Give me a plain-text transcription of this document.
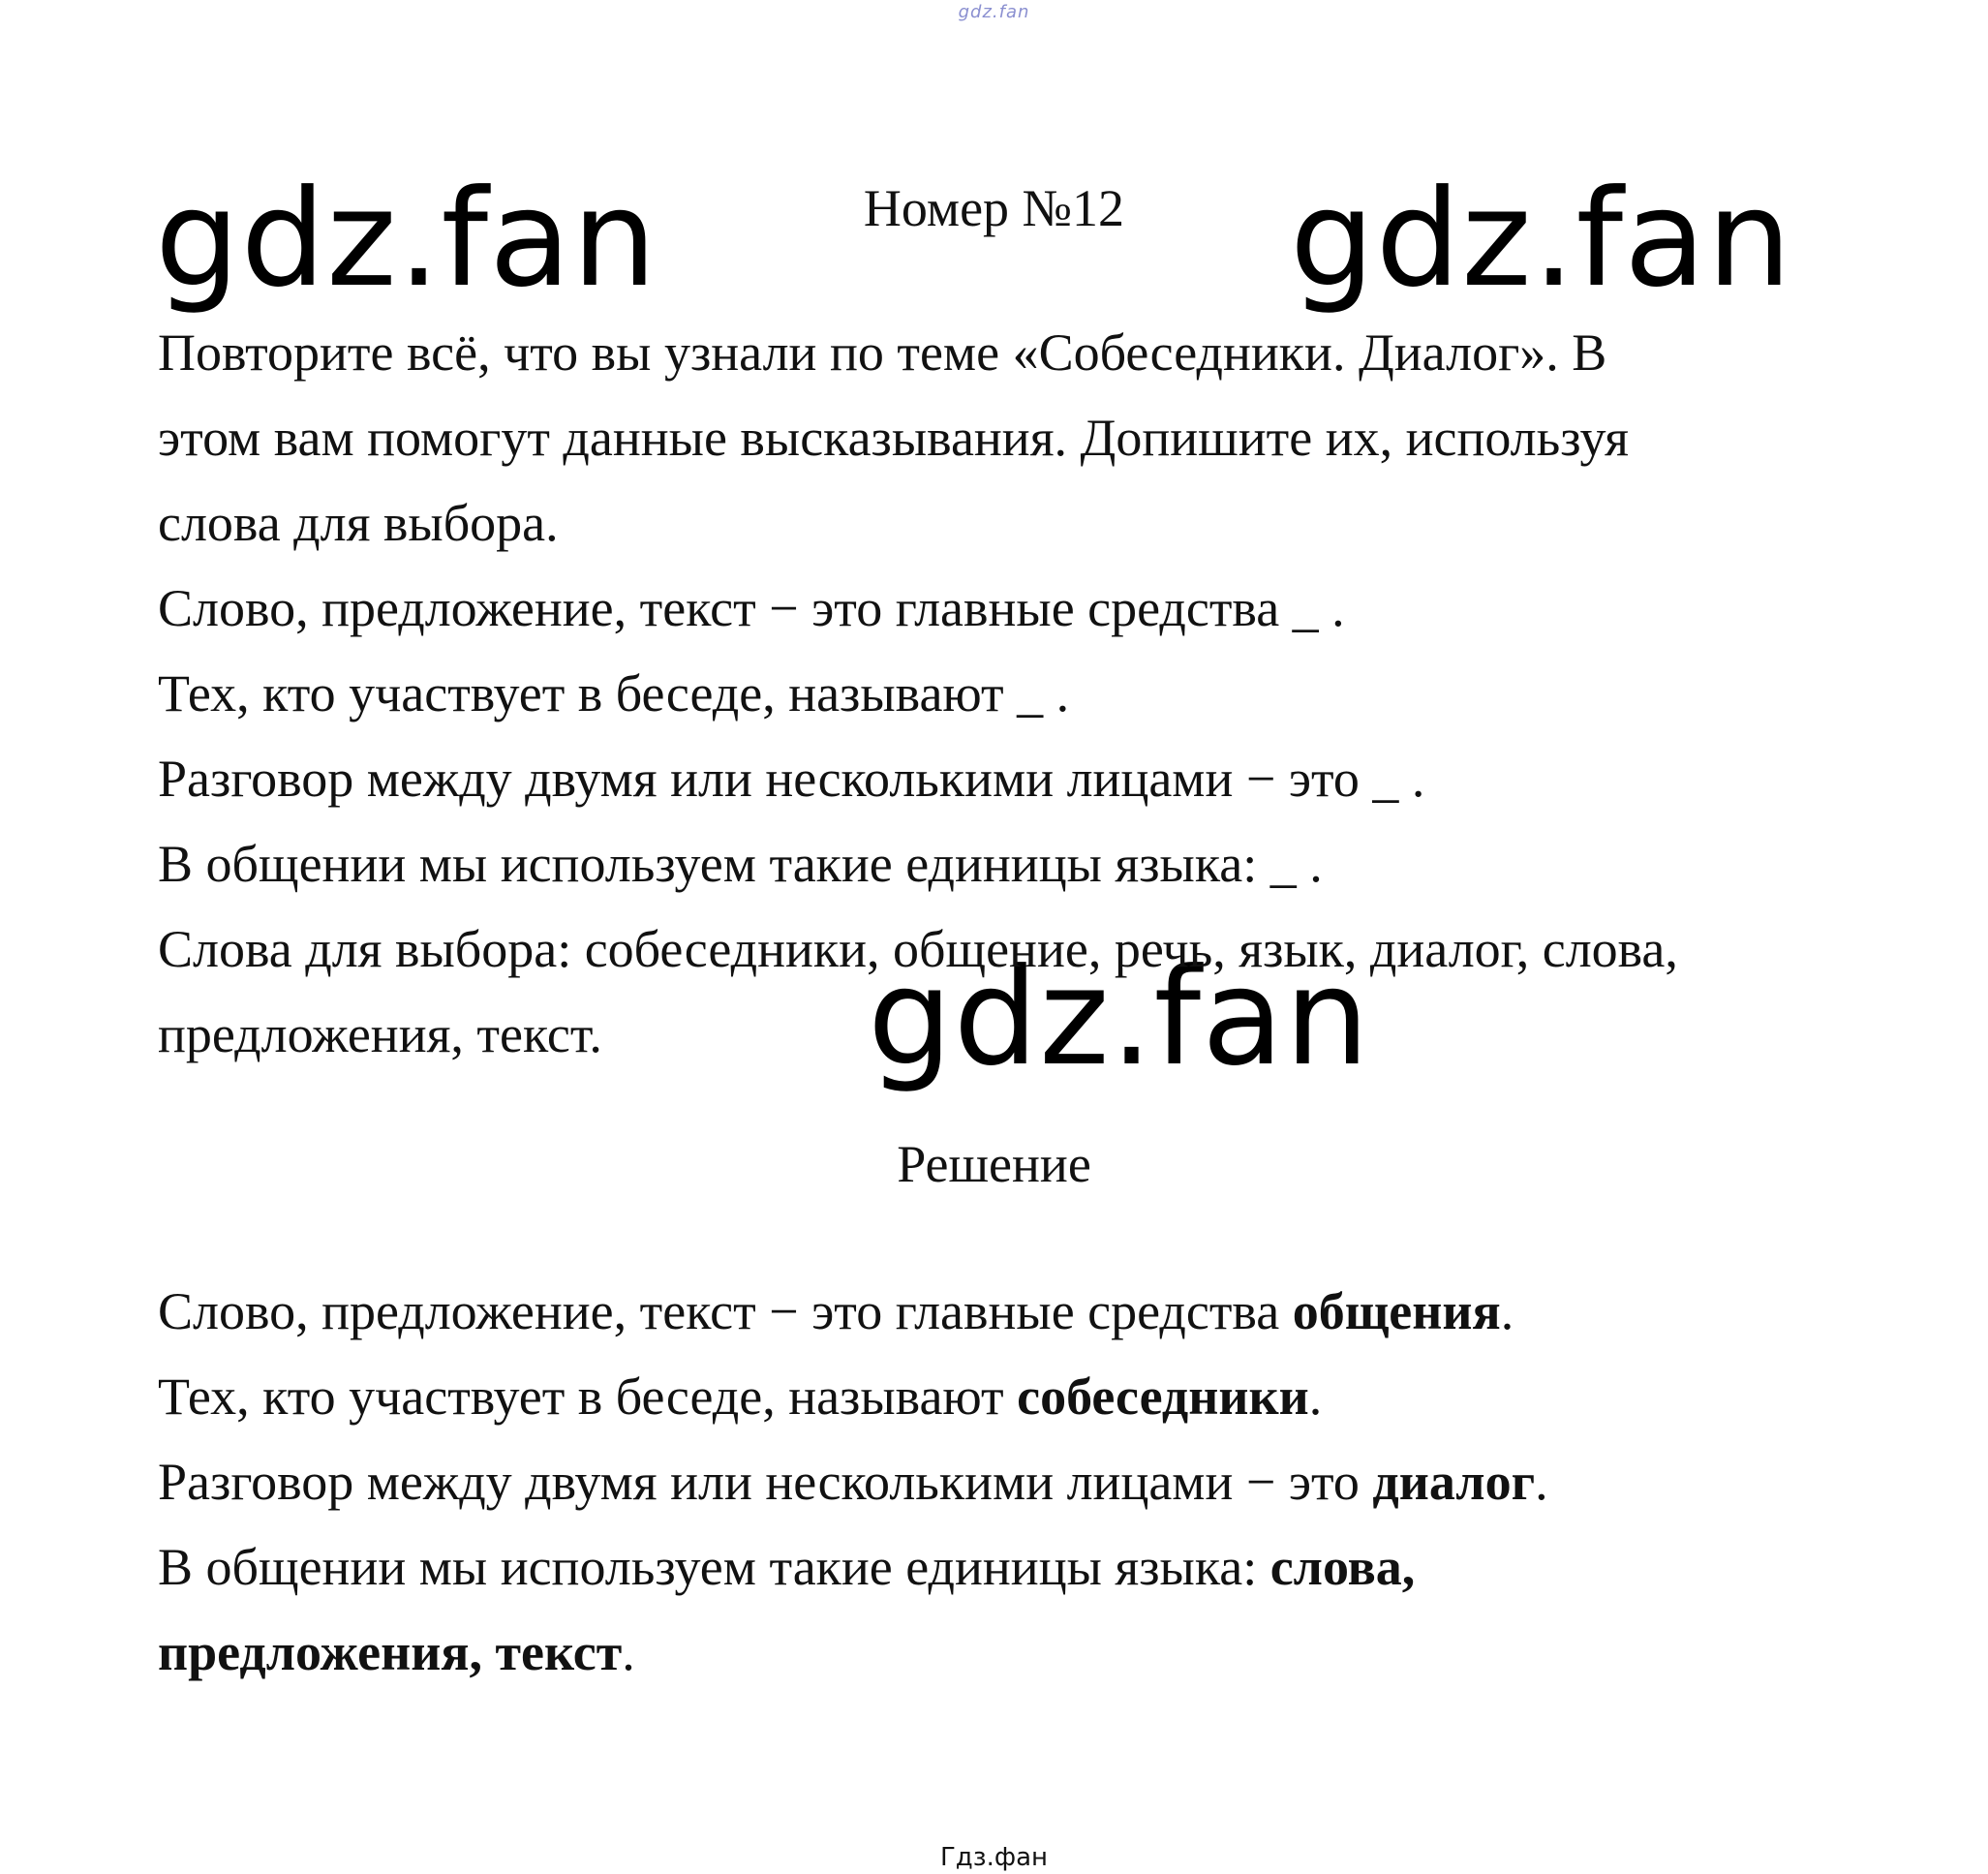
gdz.fan
gdz.fan	gdz.fan
gdz.fan
Номер №12

Повторите всё, что вы узнали по теме «Собеседники. Диалог». В

этом вам помогут данные высказывания. Допишите их, используя

слова для выбора.

Слово, предложение, текст − это главные средства _ .

Тех, кто участвует в беседе, называют _ .

Разговор между двумя или несколькими лицами − это _ .

В общении мы используем такие единицы языка: _ .

Слова для выбора: собеседники, общение, речь, язык, диалог, слова,

предложения, текст.

Решение

Слово, предложение, текст − это главные средства общения.

Тех, кто участвует в беседе, называют собеседники.

Разговор между двумя или несколькими лицами − это диалог.

В общении мы используем такие единицы языка: слова,

предложения, текст.

Гдз.фан
